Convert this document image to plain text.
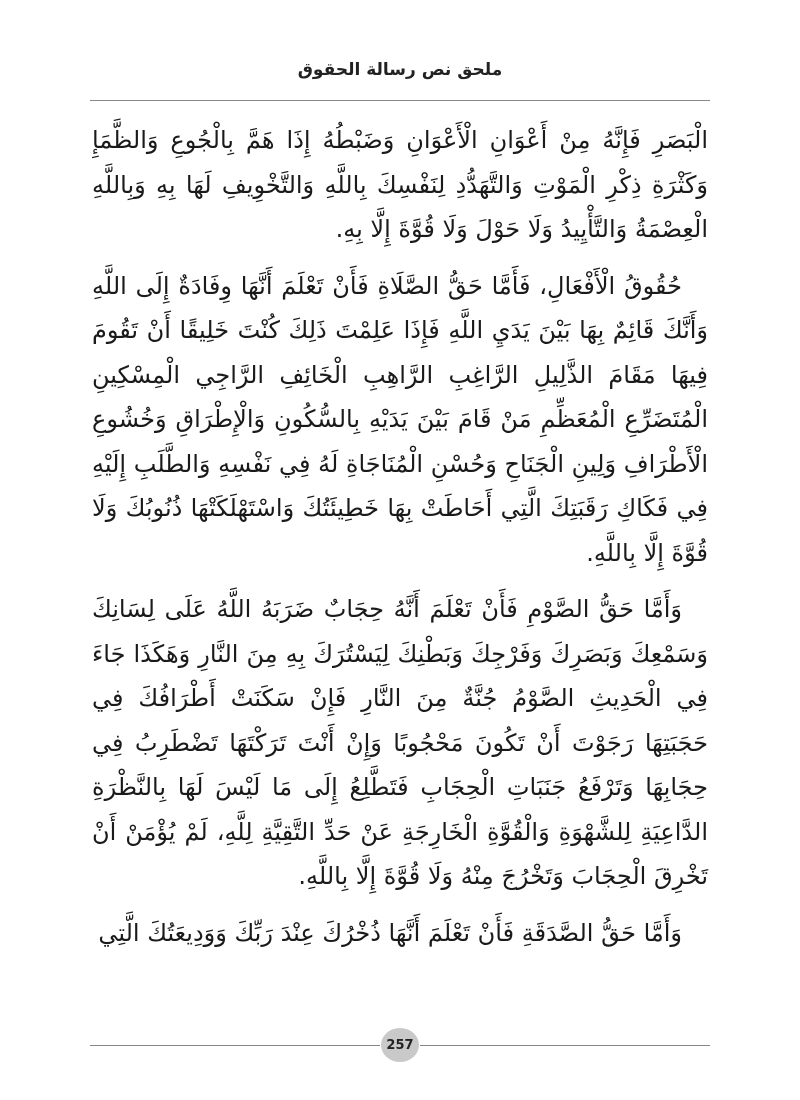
ملحق نص رسالة الحقوق

الْبَصَرِ فَإِنَّهُ مِنْ أَعْوَانِ الْأَعْوَانِ وَضَبْطُهُ إِذَا هَمَّ بِالْجُوعِ وَالظَّمَإِ وَكَثْرَةِ ذِكْرِ الْمَوْتِ وَالتَّهَدُّدِ لِنَفْسِكَ بِاللَّهِ وَالتَّخْوِيفِ لَهَا بِهِ وَبِاللَّهِ الْعِصْمَةُ وَالتَّأْيِيدُ وَلَا حَوْلَ وَلَا قُوَّةَ إِلَّا بِهِ.

حُقُوقُ الْأَفْعَالِ، فَأَمَّا حَقُّ الصَّلَاةِ فَأَنْ تَعْلَمَ أَنَّهَا وِفَادَةٌ إِلَى اللَّهِ وَأَنَّكَ قَائِمٌ بِهَا بَيْنَ يَدَيِ اللَّهِ فَإِذَا عَلِمْتَ ذَلِكَ كُنْتَ خَلِيقًا أَنْ تَقُومَ فِيهَا مَقَامَ الذَّلِيلِ الرَّاغِبِ الرَّاهِبِ الْخَائِفِ الرَّاجِي الْمِسْكِينِ الْمُتَضَرِّعِ الْمُعَظِّمِ مَنْ قَامَ بَيْنَ يَدَيْهِ بِالسُّكُونِ وَالْإِطْرَاقِ وَخُشُوعِ الْأَطْرَافِ وَلِينِ الْجَنَاحِ وَحُسْنِ الْمُنَاجَاةِ لَهُ فِي نَفْسِهِ وَالطَّلَبِ إِلَيْهِ فِي فَكَاكِ رَقَبَتِكَ الَّتِي أَحَاطَتْ بِهَا خَطِيئَتُكَ وَاسْتَهْلَكَتْهَا ذُنُوبُكَ وَلَا قُوَّةَ إِلَّا بِاللَّهِ.

وَأَمَّا حَقُّ الصَّوْمِ فَأَنْ تَعْلَمَ أَنَّهُ حِجَابٌ ضَرَبَهُ اللَّهُ عَلَى لِسَانِكَ وَسَمْعِكَ وَبَصَرِكَ وَفَرْجِكَ وَبَطْنِكَ لِيَسْتُرَكَ بِهِ مِنَ النَّارِ وَهَكَذَا جَاءَ فِي الْحَدِيثِ الصَّوْمُ جُنَّةٌ مِنَ النَّارِ فَإِنْ سَكَنَتْ أَطْرَافُكَ فِي حَجَبَتِهَا رَجَوْتَ أَنْ تَكُونَ مَحْجُوبًا وَإِنْ أَنْتَ تَرَكْتَهَا تَضْطَرِبُ فِي حِجَابِهَا وَتَرْفَعُ جَنَبَاتِ الْحِجَابِ فَتَطَّلِعُ إِلَى مَا لَيْسَ لَهَا بِالنَّظْرَةِ الدَّاعِيَةِ لِلشَّهْوَةِ وَالْقُوَّةِ الْخَارِجَةِ عَنْ حَدِّ التَّقِيَّةِ لِلَّهِ، لَمْ يُؤْمَنْ أَنْ تَخْرِقَ الْحِجَابَ وَتَخْرُجَ مِنْهُ وَلَا قُوَّةَ إِلَّا بِاللَّهِ.

وَأَمَّا حَقُّ الصَّدَقَةِ فَأَنْ تَعْلَمَ أَنَّهَا ذُخْرُكَ عِنْدَ رَبِّكَ وَوَدِيعَتُكَ الَّتِي

257
